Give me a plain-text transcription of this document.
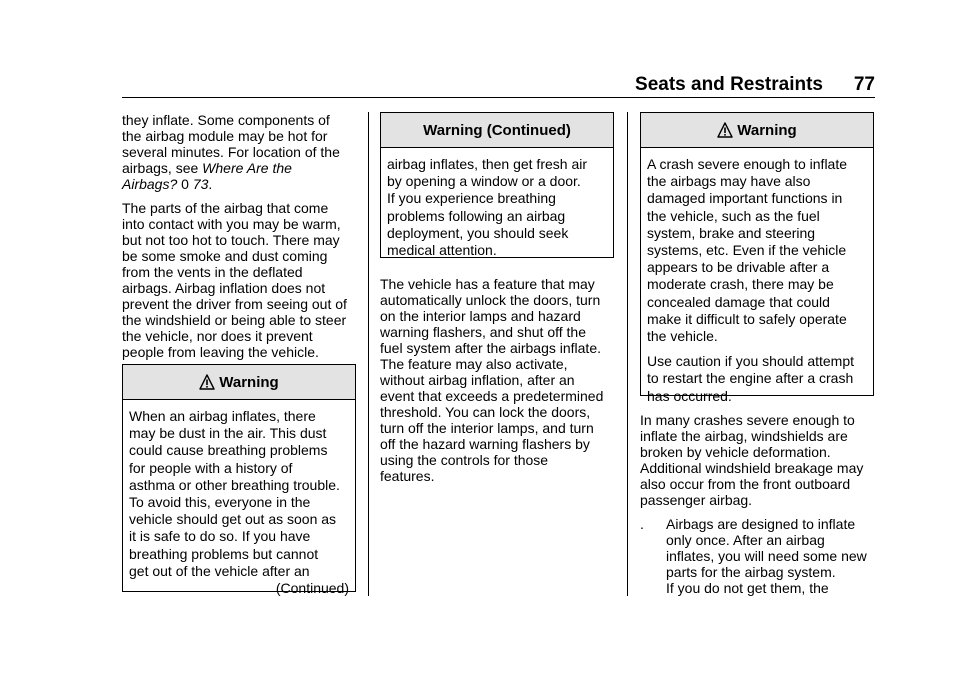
Seats and Restraints 77

they inflate. Some components of
the airbag module may be hot for
several minutes. For location of the
airbags, see Where Are the
Airbags? 0 73.

The parts of the airbag that come
into contact with you may be warm,
but not too hot to touch. There may
be some smoke and dust coming
from the vents in the deflated
airbags. Airbag inflation does not
prevent the driver from seeing out of
the windshield or being able to steer
the vehicle, nor does it prevent
people from leaving the vehicle.

Warning

When an airbag inflates, there
may be dust in the air. This dust
could cause breathing problems
for people with a history of
asthma or other breathing trouble.
To avoid this, everyone in the
vehicle should get out as soon as
it is safe to do so. If you have
breathing problems but cannot
get out of the vehicle after an

(Continued)
Warning (Continued)

airbag inflates, then get fresh air
by opening a window or a door.
If you experience breathing
problems following an airbag
deployment, you should seek
medical attention.

The vehicle has a feature that may
automatically unlock the doors, turn
on the interior lamps and hazard
warning flashers, and shut off the
fuel system after the airbags inflate.
The feature may also activate,
without airbag inflation, after an
event that exceeds a predetermined
threshold. You can lock the doors,
turn off the interior lamps, and turn
off the hazard warning flashers by
using the controls for those
features.

Warning

A crash severe enough to inflate
the airbags may have also
damaged important functions in
the vehicle, such as the fuel
system, brake and steering
systems, etc. Even if the vehicle
appears to be drivable after a
moderate crash, there may be
concealed damage that could
make it difficult to safely operate
the vehicle.

Use caution if you should attempt
to restart the engine after a crash
has occurred.

In many crashes severe enough to
inflate the airbag, windshields are
broken by vehicle deformation.
Additional windshield breakage may
also occur from the front outboard
passenger airbag.

.	Airbags are designed to inflate
only once. After an airbag
inflates, you will need some new
parts for the airbag system.
If you do not get them, the
